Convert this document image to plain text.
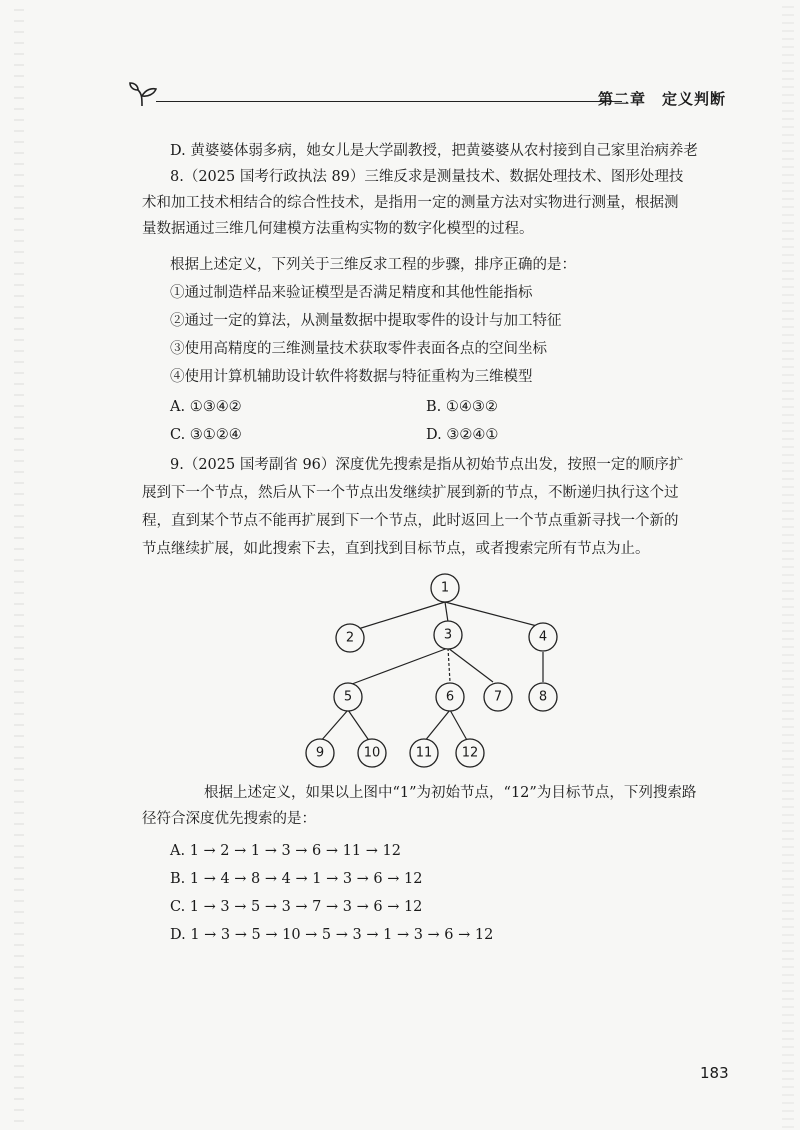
第二章　定义判断
D. 黄婆婆体弱多病，她女儿是大学副教授，把黄婆婆从农村接到自己家里治病养老
8.（2025 国考行政执法 89）三维反求是测量技术、数据处理技术、图形处理技
术和加工技术相结合的综合性技术，是指用一定的测量方法对实物进行测量，根据测
量数据通过三维几何建模方法重构实物的数字化模型的过程。
根据上述定义，下列关于三维反求工程的步骤，排序正确的是：
①通过制造样品来验证模型是否满足精度和其他性能指标
②通过一定的算法，从测量数据中提取零件的设计与加工特征
③使用高精度的三维测量技术获取零件表面各点的空间坐标
④使用计算机辅助设计软件将数据与特征重构为三维模型
A. ①③④②	B. ①④③②
C. ③①②④	D. ③②④①
9.（2025 国考副省 96）深度优先搜索是指从初始节点出发，按照一定的顺序扩
展到下一个节点，然后从下一个节点出发继续扩展到新的节点，不断递归执行这个过
程，直到某个节点不能再扩展到下一个节点，此时返回上一个节点重新寻找一个新的
节点继续扩展，如此搜索下去，直到找到目标节点，或者搜索完所有节点为止。
1
2	3	4
5	6	7	8
9	10	11 12
根据上述定义，如果以上图中“1”为初始节点，“12”为目标节点，下列搜索路
径符合深度优先搜索的是：
A. 1 → 2 → 1 → 3 → 6 → 11 → 12
B. 1 → 4 → 8 → 4 → 1 → 3 → 6 → 12
C. 1 → 3 → 5 → 3 → 7 → 3 → 6 → 12
D. 1 → 3 → 5 → 10 → 5 → 3 → 1 → 3 → 6 → 12
183
